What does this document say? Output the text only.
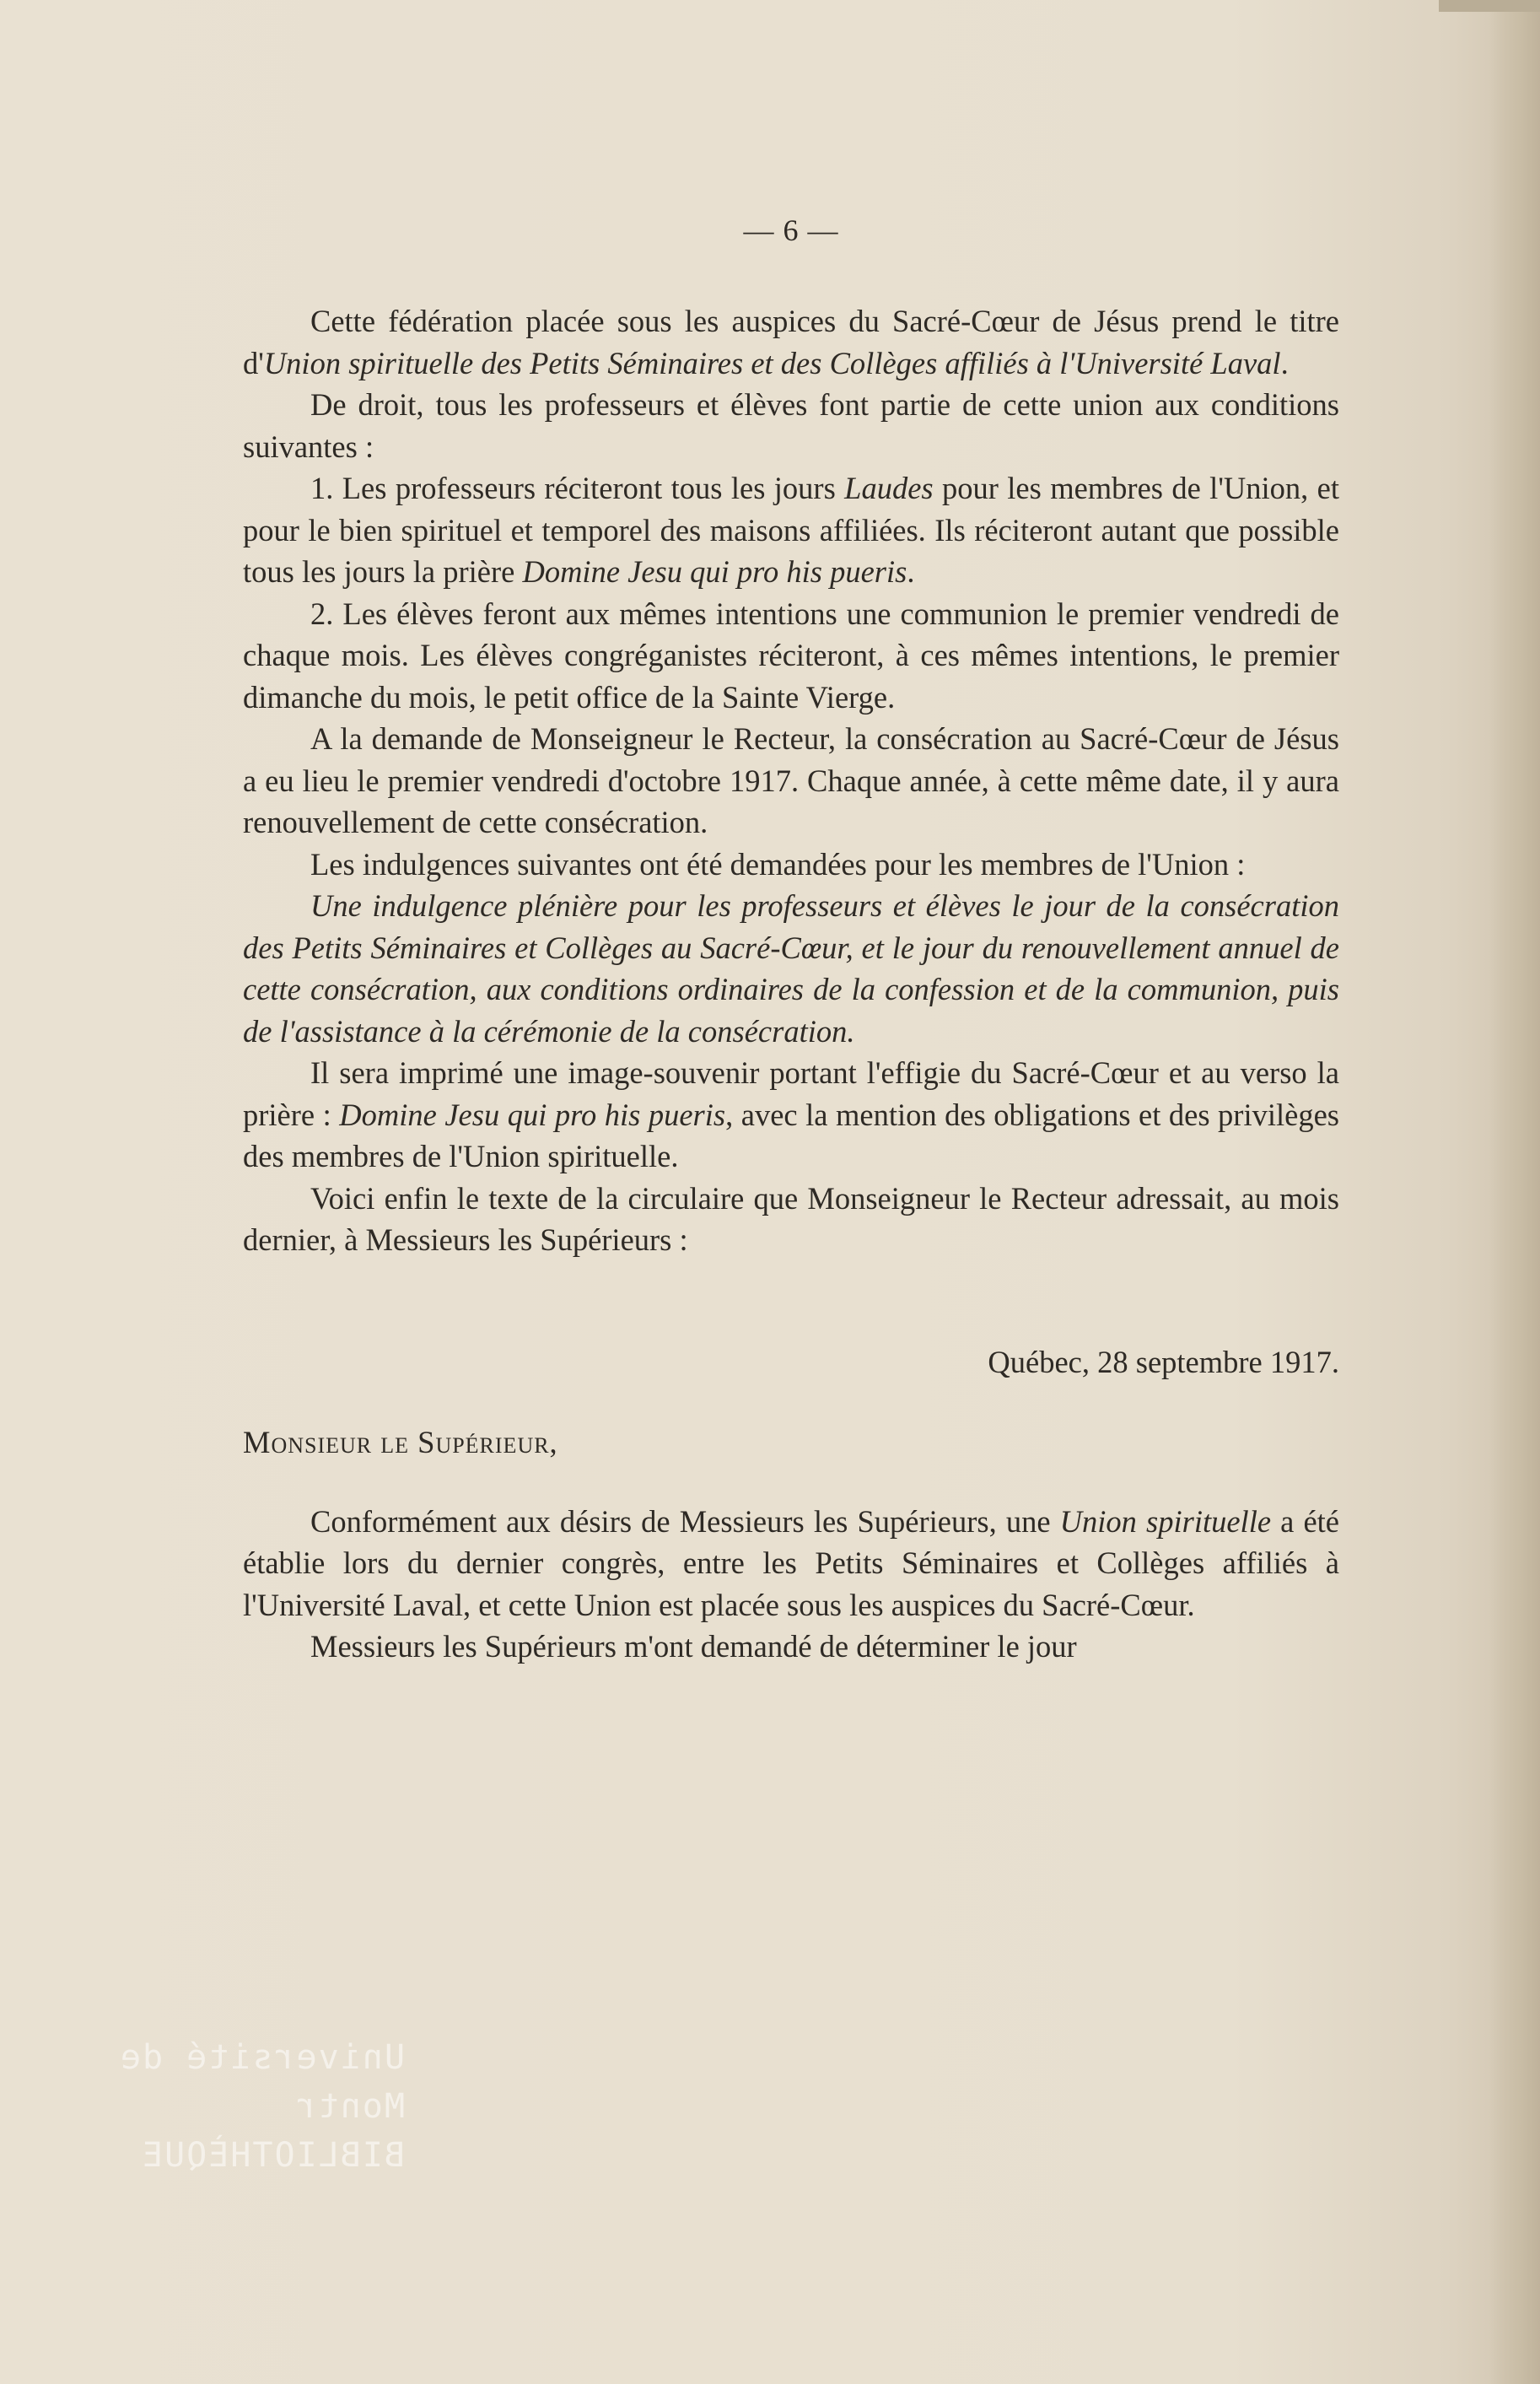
Université de Montr
BIBLIOTHÈQUE
— 6 —

Cette fédération placée sous les auspices du Sacré-Cœur de Jésus prend le titre d'Union spirituelle des Petits Séminaires et des Collèges affiliés à l'Université Laval.

De droit, tous les professeurs et élèves font partie de cette union aux conditions suivantes :

1. Les professeurs réciteront tous les jours Laudes pour les membres de l'Union, et pour le bien spirituel et temporel des maisons affiliées. Ils réciteront autant que possible tous les jours la prière Domine Jesu qui pro his pueris.

2. Les élèves feront aux mêmes intentions une communion le premier vendredi de chaque mois. Les élèves congréganistes réciteront, à ces mêmes intentions, le premier dimanche du mois, le petit office de la Sainte Vierge.

A la demande de Monseigneur le Recteur, la consécration au Sacré-Cœur de Jésus a eu lieu le premier vendredi d'octobre 1917. Chaque année, à cette même date, il y aura renouvellement de cette consécration.

Les indulgences suivantes ont été demandées pour les membres de l'Union :

Une indulgence plénière pour les professeurs et élèves le jour de la consécration des Petits Séminaires et Collèges au Sacré-Cœur, et le jour du renouvellement annuel de cette consécration, aux conditions ordinaires de la confession et de la communion, puis de l'assistance à la cérémonie de la consécration.

Il sera imprimé une image-souvenir portant l'effigie du Sacré-Cœur et au verso la prière : Domine Jesu qui pro his pueris, avec la mention des obligations et des privilèges des membres de l'Union spirituelle.

Voici enfin le texte de la circulaire que Monseigneur le Recteur adressait, au mois dernier, à Messieurs les Supérieurs :

Québec, 28 septembre 1917.
Monsieur le Supérieur,

Conformément aux désirs de Messieurs les Supérieurs, une Union spirituelle a été établie lors du dernier congrès, entre les Petits Séminaires et Collèges affiliés à l'Université Laval, et cette Union est placée sous les auspices du Sacré-Cœur.

Messieurs les Supérieurs m'ont demandé de déterminer le jour
